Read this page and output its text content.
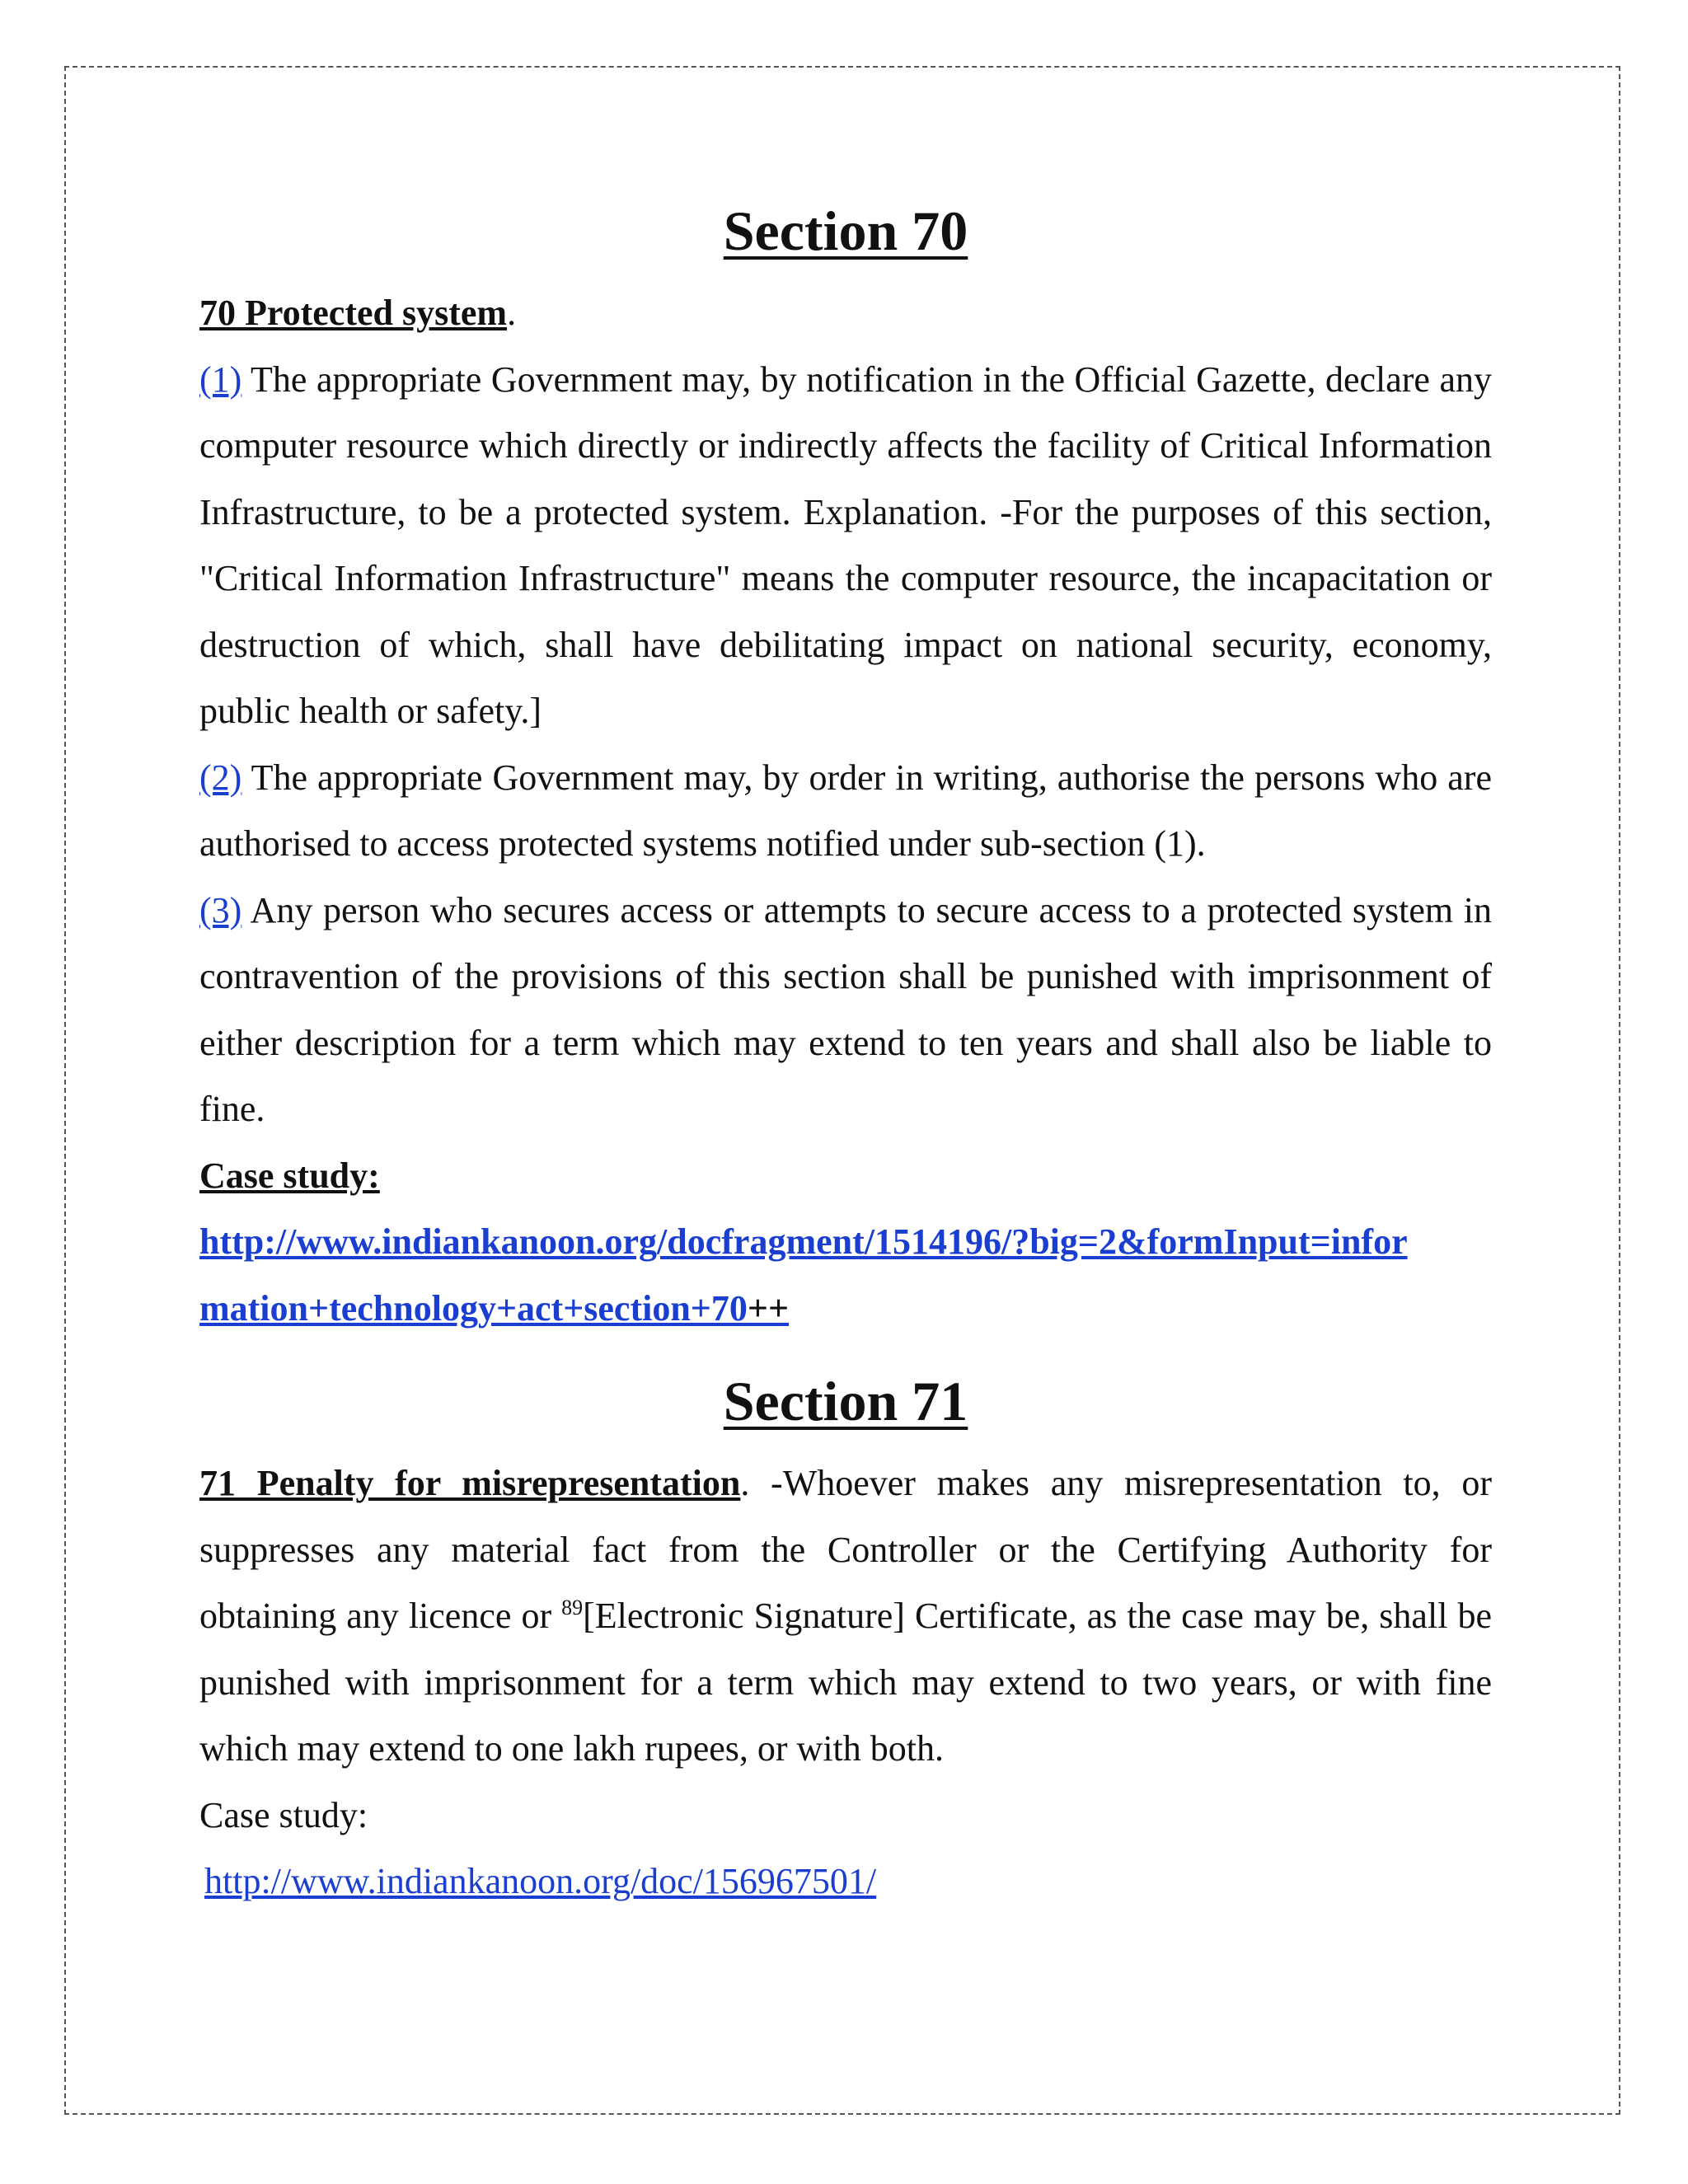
Section 70

70 Protected system.

(1) The appropriate Government may, by notification in the Official Gazette, declare any computer resource which directly or indirectly affects the facility of Critical Information Infrastructure, to be a protected system. Explanation. -For the purposes of this section, "Critical Information Infrastructure" means the computer resource, the incapacitation or destruction of which, shall have debilitating impact on national security, economy, public health or safety.]

(2) The appropriate Government may, by order in writing, authorise the persons who are authorised to access protected systems notified under sub-section (1).

(3) Any person who secures access or attempts to secure access to a protected system in contravention of the provisions of this section shall be punished with imprisonment of either description for a term which may extend to ten years and shall also be liable to fine.

Case study:

http://www.indiankanoon.org/docfragment/1514196/?big=2&formInput=infor

mation+technology+act+section+70++

Section 71

71 Penalty for misrepresentation. -Whoever makes any misrepresentation to, or suppresses any material fact from the Controller or the Certifying Authority for obtaining any licence or $^{89}$[Electronic Signature] Certificate, as the case may be, shall be punished with imprisonment for a term which may extend to two years, or with fine which may extend to one lakh rupees, or with both.

Case study:

http://www.indiankanoon.org/doc/156967501/
